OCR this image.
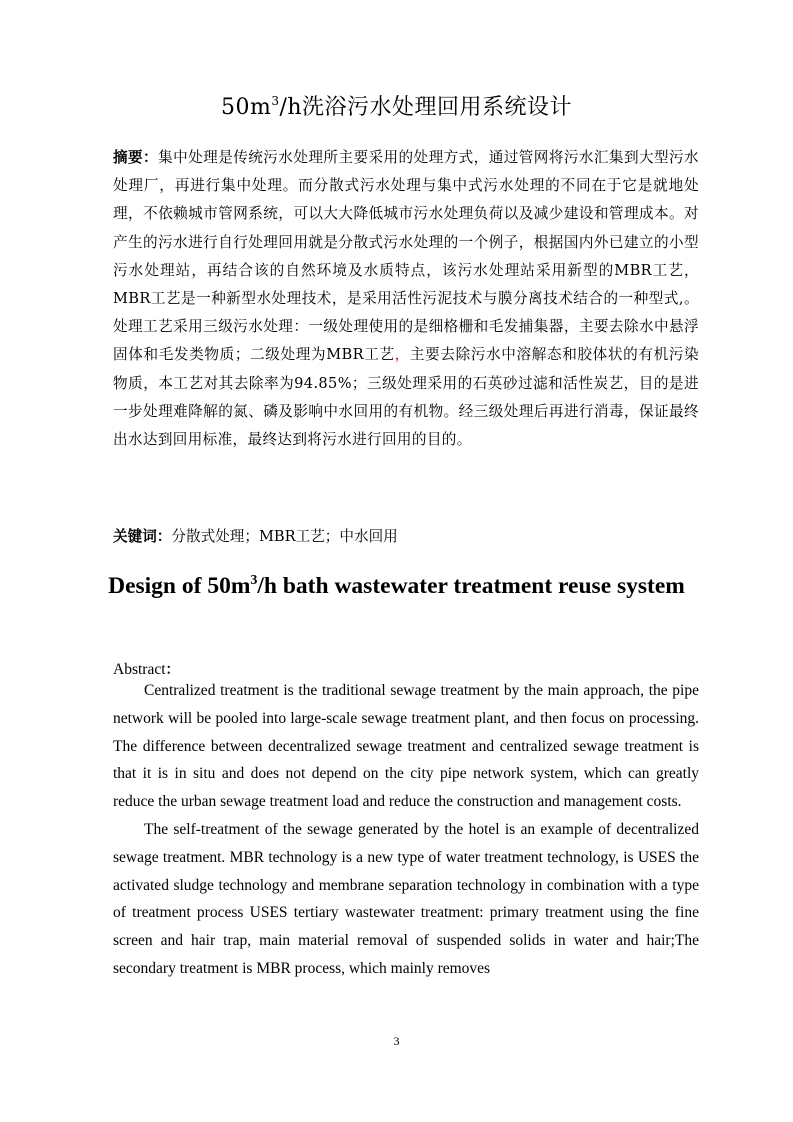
$50m^3/h$洗浴污水处理回用系统设计
摘要：集中处理是传统污水处理所主要采用的处理方式，通过管网将污水汇集到大型污水处理厂，再进行集中处理。而分散式污水处理与集中式污水处理的不同在于它是就地处理，不依赖城市管网系统，可以大大降低城市污水处理负荷以及减少建设和管理成本。对产生的污水进行自行处理回用就是分散式污水处理的一个例子，根据国内外已建立的小型污水处理站，再结合该的自然环境及水质特点，该污水处理站采用新型的MBR工艺，MBR工艺是一种新型水处理技术，是采用活性污泥技术与膜分离技术结合的一种型式,。处理工艺采用三级污水处理：一级处理使用的是细格栅和毛发捕集器，主要去除水中悬浮固体和毛发类物质；二级处理为MBR工艺，主要去除污水中溶解态和胶体状的有机污染物质，本工艺对其去除率为94.85%；三级处理采用的石英砂过滤和活性炭艺，目的是进一步处理难降解的氮、磷及影响中水回用的有机物。经三级处理后再进行消毒，保证最终出水达到回用标准，最终达到将污水进行回用的目的。
关键词：分散式处理；MBR工艺；中水回用
Design of $50m^3/h$ bath wastewater treatment reuse system
Abstract：

Centralized treatment is the traditional sewage treatment by the main approach, the pipe network will be pooled into large-scale sewage treatment plant, and then focus on processing. The difference between decentralized sewage treatment and centralized sewage treatment is that it is in situ and does not depend on the city pipe network system, which can greatly reduce the urban sewage treatment load and reduce the construction and management costs.

The self-treatment of the sewage generated by the hotel is an example of decentralized sewage treatment. MBR technology is a new type of water treatment technology, is USES the activated sludge technology and membrane separation technology in combination with a type of treatment process USES tertiary wastewater treatment: primary treatment using the fine screen and hair trap, main material removal of suspended solids in water and hair;The secondary treatment is MBR process, which mainly removes

3
